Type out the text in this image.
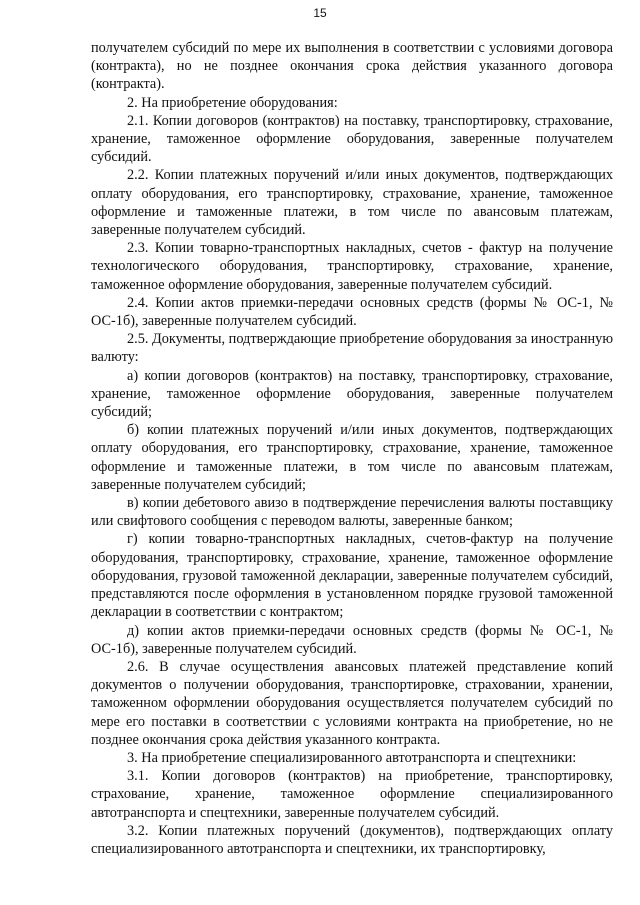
15

получателем субсидий по мере их выполнения в соответствии с условиями договора (контракта), но не позднее окончания срока действия указанного договора (контракта).

2. На приобретение оборудования:

2.1. Копии договоров (контрактов) на поставку, транспортировку, страхование, хранение, таможенное оформление оборудования, заверенные получателем субсидий.

2.2. Копии платежных поручений и/или иных документов, подтверждающих оплату оборудования, его транспортировку, страхование, хранение, таможенное оформление и таможенные платежи, в том числе по авансовым платежам, заверенные получателем субсидий.

2.3. Копии товарно-транспортных накладных, счетов - фактур на получение технологического оборудования, транспортировку, страхование, хранение, таможенное оформление оборудования, заверенные получателем субсидий.

2.4. Копии актов приемки-передачи основных средств (формы № ОС-1, № ОС-1б), заверенные получателем субсидий.

2.5. Документы, подтверждающие приобретение оборудования за иностранную валюту:

а) копии договоров (контрактов) на поставку, транспортировку, страхование, хранение, таможенное оформление оборудования, заверенные получателем субсидий;

б) копии платежных поручений и/или иных документов, подтверждающих оплату оборудования, его транспортировку, страхование, хранение, таможенное оформление и таможенные платежи, в том числе по авансовым платежам, заверенные получателем субсидий;

в) копии дебетового авизо в подтверждение перечисления валюты поставщику или свифтового сообщения с переводом валюты, заверенные банком;

г) копии товарно-транспортных накладных, счетов-фактур на получение оборудования, транспортировку, страхование, хранение, таможенное оформление оборудования, грузовой таможенной декларации, заверенные получателем субсидий, представляются после оформления в установленном порядке грузовой таможенной декларации в соответствии с контрактом;

д) копии актов приемки-передачи основных средств (формы № ОС-1, № ОС-1б), заверенные получателем субсидий.

2.6. В случае осуществления авансовых платежей представление копий документов о получении оборудования, транспортировке, страховании, хранении, таможенном оформлении оборудования осуществляется получателем субсидий по мере его поставки в соответствии с условиями контракта на приобретение, но не позднее окончания срока действия указанного контракта.

3. На приобретение специализированного автотранспорта и спецтехники:

3.1. Копии договоров (контрактов) на приобретение, транспортировку, страхование, хранение, таможенное оформление специализированного автотранспорта и спецтехники, заверенные получателем субсидий.

3.2. Копии платежных поручений (документов), подтверждающих оплату специализированного автотранспорта и спецтехники, их транспортировку,
